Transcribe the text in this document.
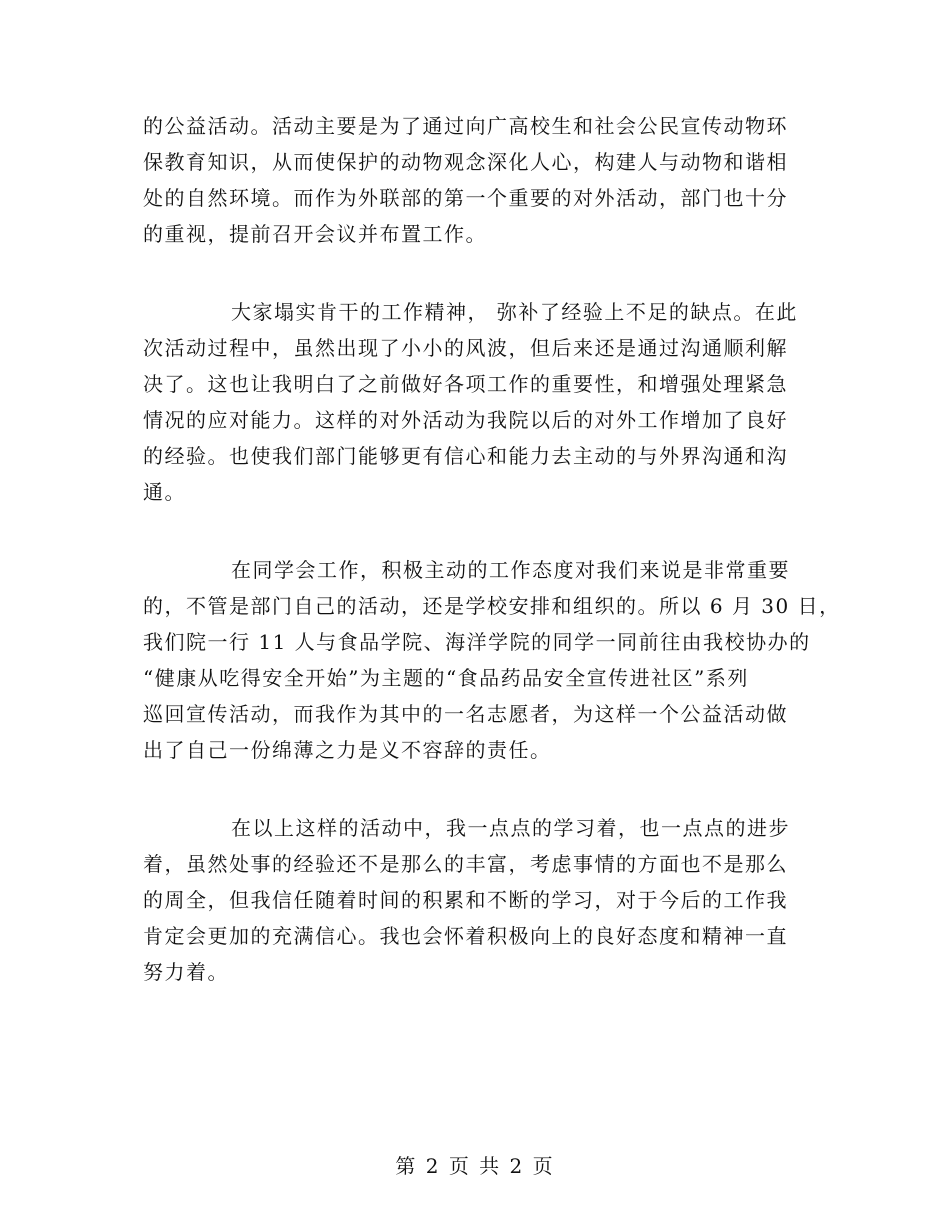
的公益活动。活动主要是为了通过向广高校生和社会公民宣传动物环
保教育知识，从而使保护的动物观念深化人心，构建人与动物和谐相
处的自然环境。而作为外联部的第一个重要的对外活动，部门也十分
的重视，提前召开会议并布置工作。
大家塌实肯干的工作精神， 弥补了经验上不足的缺点。在此
次活动过程中，虽然出现了小小的风波，但后来还是通过沟通顺利解
决了。这也让我明白了之前做好各项工作的重要性，和增强处理紧急
情况的应对能力。这样的对外活动为我院以后的对外工作增加了良好
的经验。也使我们部门能够更有信心和能力去主动的与外界沟通和沟
通。
在同学会工作，积极主动的工作态度对我们来说是非常重要
的，不管是部门自己的活动，还是学校安排和组织的。所以 6 月 30 日，
我们院一行 11 人与食品学院、海洋学院的同学一同前往由我校协办的
“健康从吃得安全开始”为主题的“食品药品安全宣传进社区”系列
巡回宣传活动，而我作为其中的一名志愿者，为这样一个公益活动做
出了自己一份绵薄之力是义不容辞的责任。
在以上这样的活动中，我一点点的学习着，也一点点的进步
着，虽然处事的经验还不是那么的丰富，考虑事情的方面也不是那么
的周全，但我信任随着时间的积累和不断的学习，对于今后的工作我
肯定会更加的充满信心。我也会怀着积极向上的良好态度和精神一直
努力着。
第 2 页 共 2 页
